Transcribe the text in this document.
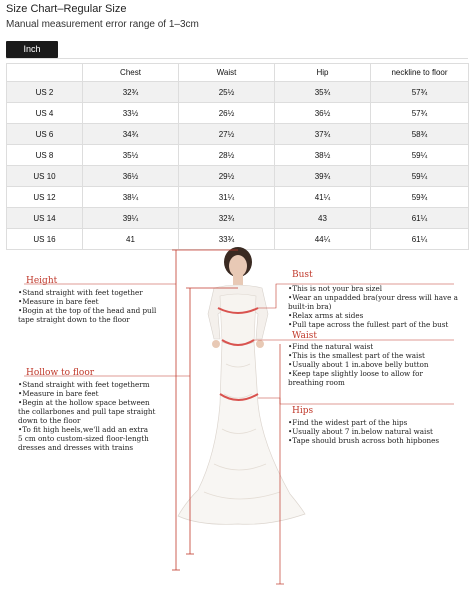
Size Chart–Regular Size
Manual measurement error range of 1–3cm
Inch
	Chest	Waist	Hip	neckline to floor
US 2	32¾	25½	35¾	57¾
US 4	33½	26½	36½	57¾
US 6	34¾	27½	37¾	58¾
US 8	35½	28½	38½	59¼
US 10	36½	29½	39¾	59¼
US 12	38¼	31¼	41¼	59¾
US 14	39¼	32¾	43	61¼
US 16	41	33¾	44¼	61¼
Height
•Stand straight with feet together
•Measure in bare feet
•Bogin at the top of the head and pull
tape straight down to the floor
Hollow to floor
•Stand straight with feet togetherm
•Measure in bare feet
•Begin at the hollow space between
the collarbones and pull tape straight
down to the floor
•To fit high heels,we'll add an extra
5 cm onto custom-sized floor-length
dresses and dresses with trains
Bust
•This is not your bra sizel
•Wear an unpadded bra(your dress will have a
built-in bra)
•Relax arms at sides
•Pull tape across the fullest part of the bust
Waist
•Find the natural waist
•This is the smallest part of the waist
•Usually about 1 in.above belly button
•Keep tape slightly loose to allow for
breathing room
Hips
•Find the widest part of the hips
•Usually about 7 in.below natural waist
•Tape should brush across both hipbones
